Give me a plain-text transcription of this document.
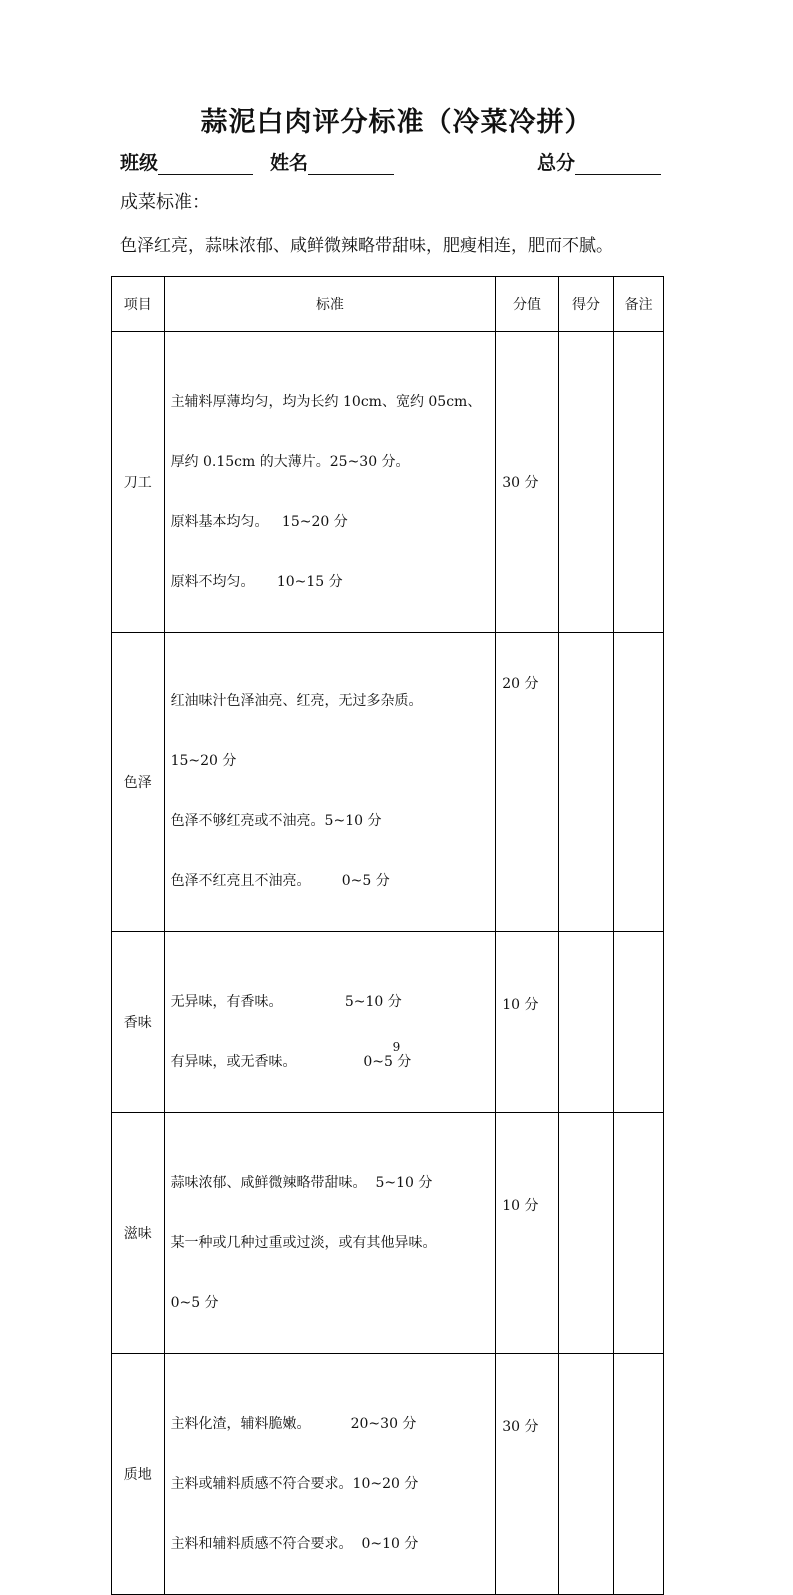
蒜泥白肉评分标准（冷菜冷拼）
班级	姓名	总分
成菜标准：
色泽红亮，蒜味浓郁、咸鲜微辣略带甜味，肥瘦相连，肥而不腻。
项目	标准	分值	得分	备注
刀工	主辅料厚薄均匀，均为长约 10cm、宽约 05cm、

厚约 0.15cm 的大薄片。25~30 分。

原料基本均匀。   15~20 分

原料不均匀。     10~15 分	30 分		
色泽	红油味汁色泽油亮、红亮，无过多杂质。

15~20 分

色泽不够红亮或不油亮。5~10 分

色泽不红亮且不油亮。       0~5 分	20 分		

香味	无异味，有香味。              5~10 分

有异味，或无香味。               0~5 分	10 分		

滋味	蒜味浓郁、咸鲜微辣略带甜味。  5~10 分

某一种或几种过重或过淡，或有其他异味。

0~5 分	10 分		

质地	主料化渣，辅料脆嫩。         20~30 分

主料或辅料质感不符合要求。10~20 分

主料和辅料质感不符合要求。  0~10 分	30 分		

9
